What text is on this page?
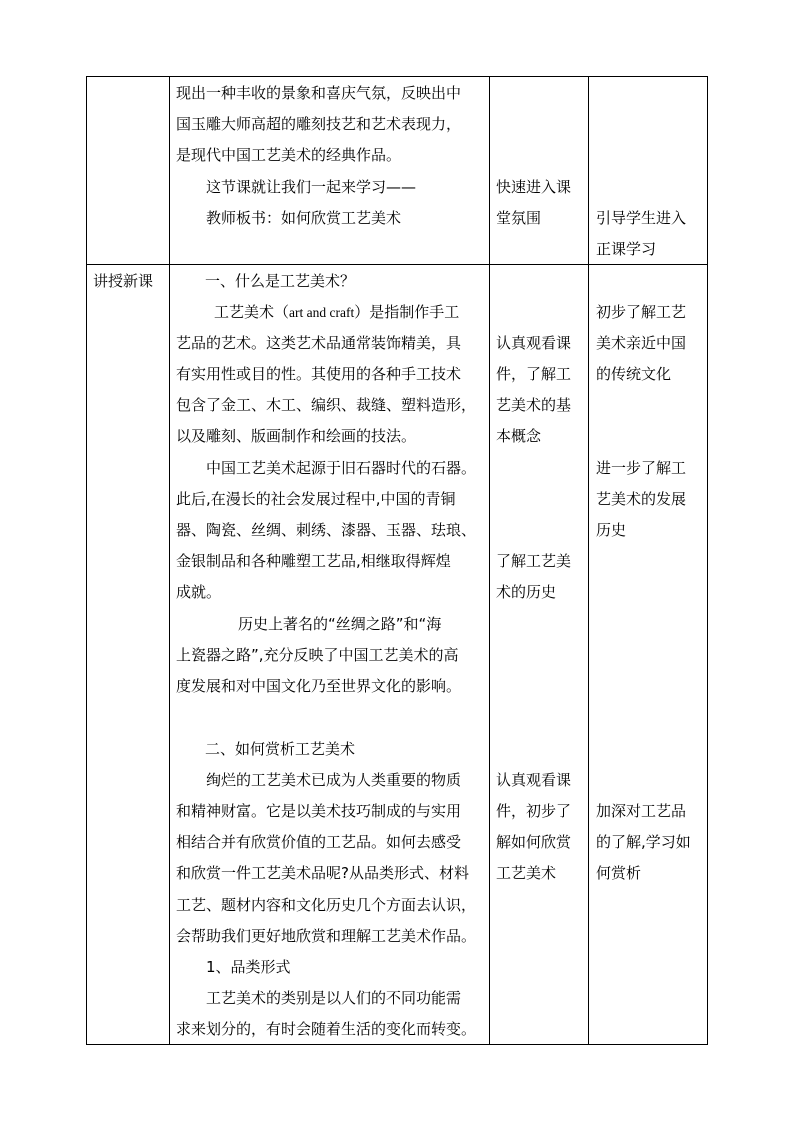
现出一种丰收的景象和喜庆气氛，反映出中
国玉雕大师高超的雕刻技艺和艺术表现力，
是现代中国工艺美术的经典作品。
这节课就让我们一起来学习——
教师板书：如何欣赏工艺美术
快速进入课
堂氛围	引导学生进入
正课学习
讲授新课	一、什么是工艺美术？
工艺美术（art and craft）是指制作手工
艺品的艺术。这类艺术品通常装饰精美，具
有实用性或目的性。其使用的各种手工技术
包含了金工、木工、编织、裁缝、塑料造形，
以及雕刻、版画制作和绘画的技法。
中国工艺美术起源于旧石器时代的石器。
此后,在漫长的社会发展过程中,中国的青铜
器、陶瓷、丝绸、刺绣、漆器、玉器、珐琅、
金银制品和各种雕塑工艺品,相继取得辉煌
成就。
历史上著名的“丝绸之路”和“海
上瓷器之路”,充分反映了中国工艺美术的高
度发展和对中国文化乃至世界文化的影响。
二、如何赏析工艺美术
绚烂的工艺美术已成为人类重要的物质
和精神财富。它是以美术技巧制成的与实用
相结合并有欣赏价值的工艺品。如何去感受
和欣赏一件工艺美术品呢?从品类形式、材料
工艺、题材内容和文化历史几个方面去认识，
会帮助我们更好地欣赏和理解工艺美术作品。
1、品类形式
工艺美术的类别是以人们的不同功能需
求来划分的，有时会随着生活的变化而转变。
认真观看课
件，了解工
艺美术的基
本概念
了解工艺美
术的历史
认真观看课
件，初步了
解如何欣赏
工艺美术
初步了解工艺
美术亲近中国
的传统文化
进一步了解工
艺美术的发展
历史
加深对工艺品
的了解,学习如
何赏析
